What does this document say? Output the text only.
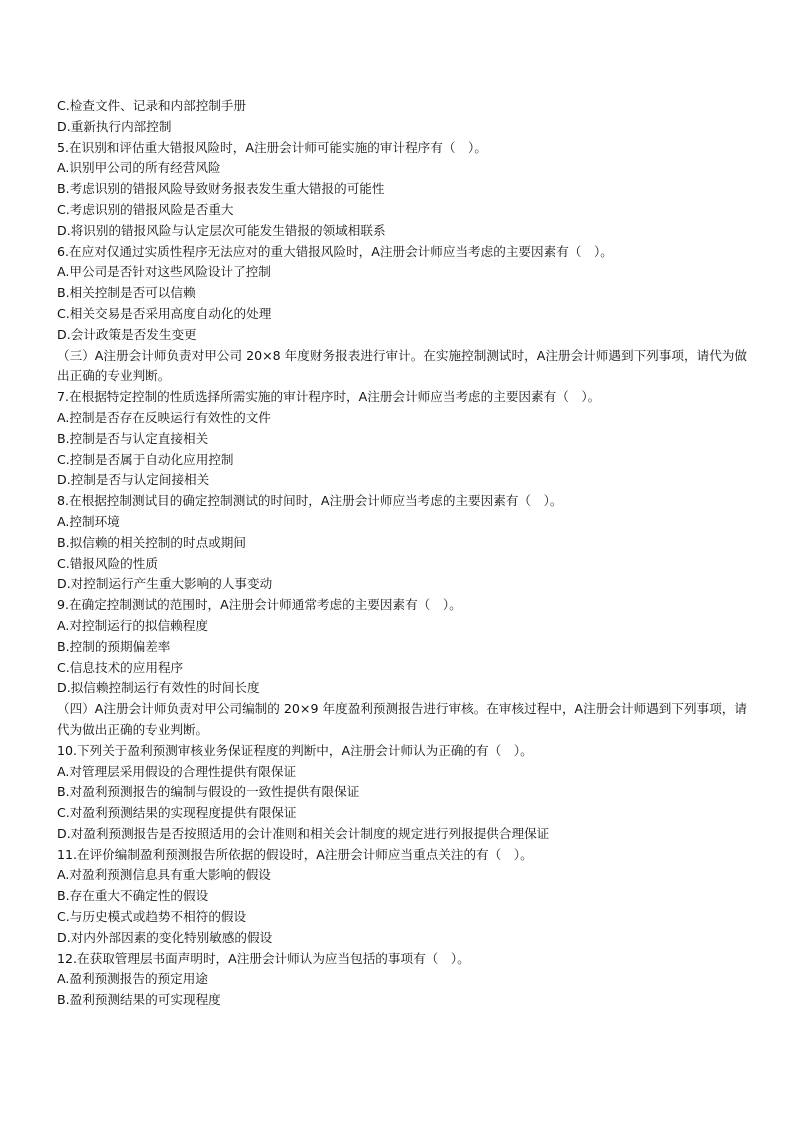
C.检查文件、记录和内部控制手册
D.重新执行内部控制
5.在识别和评估重大错报风险时，A注册会计师可能实施的审计程序有（　）。
A.识别甲公司的所有经营风险
B.考虑识别的错报风险导致财务报表发生重大错报的可能性
C.考虑识别的错报风险是否重大
D.将识别的错报风险与认定层次可能发生错报的领域相联系
6.在应对仅通过实质性程序无法应对的重大错报风险时，A注册会计师应当考虑的主要因素有（　）。
A.甲公司是否针对这些风险设计了控制
B.相关控制是否可以信赖
C.相关交易是否采用高度自动化的处理
D.会计政策是否发生变更
（三）A注册会计师负责对甲公司 20×8 年度财务报表进行审计。在实施控制测试时，A注册会计师遇到下列事项，请代为做出正确的专业判断。
7.在根据特定控制的性质选择所需实施的审计程序时，A注册会计师应当考虑的主要因素有（　）。
A.控制是否存在反映运行有效性的文件
B.控制是否与认定直接相关
C.控制是否属于自动化应用控制
D.控制是否与认定间接相关
8.在根据控制测试目的确定控制测试的时间时，A注册会计师应当考虑的主要因素有（　）。
A.控制环境
B.拟信赖的相关控制的时点或期间
C.错报风险的性质
D.对控制运行产生重大影响的人事变动
9.在确定控制测试的范围时，A注册会计师通常考虑的主要因素有（　）。
A.对控制运行的拟信赖程度
B.控制的预期偏差率
C.信息技术的应用程序
D.拟信赖控制运行有效性的时间长度
（四）A注册会计师负责对甲公司编制的 20×9 年度盈利预测报告进行审核。在审核过程中，A注册会计师遇到下列事项，请代为做出正确的专业判断。
10.下列关于盈利预测审核业务保证程度的判断中，A注册会计师认为正确的有（　）。
A.对管理层采用假设的合理性提供有限保证
B.对盈利预测报告的编制与假设的一致性提供有限保证
C.对盈利预测结果的实现程度提供有限保证
D.对盈利预测报告是否按照适用的会计准则和相关会计制度的规定进行列报提供合理保证
11.在评价编制盈利预测报告所依据的假设时，A注册会计师应当重点关注的有（　）。
A.对盈利预测信息具有重大影响的假设
B.存在重大不确定性的假设
C.与历史模式或趋势不相符的假设
D.对内外部因素的变化特别敏感的假设
12.在获取管理层书面声明时，A注册会计师认为应当包括的事项有（　）。
A.盈利预测报告的预定用途
B.盈利预测结果的可实现程度
